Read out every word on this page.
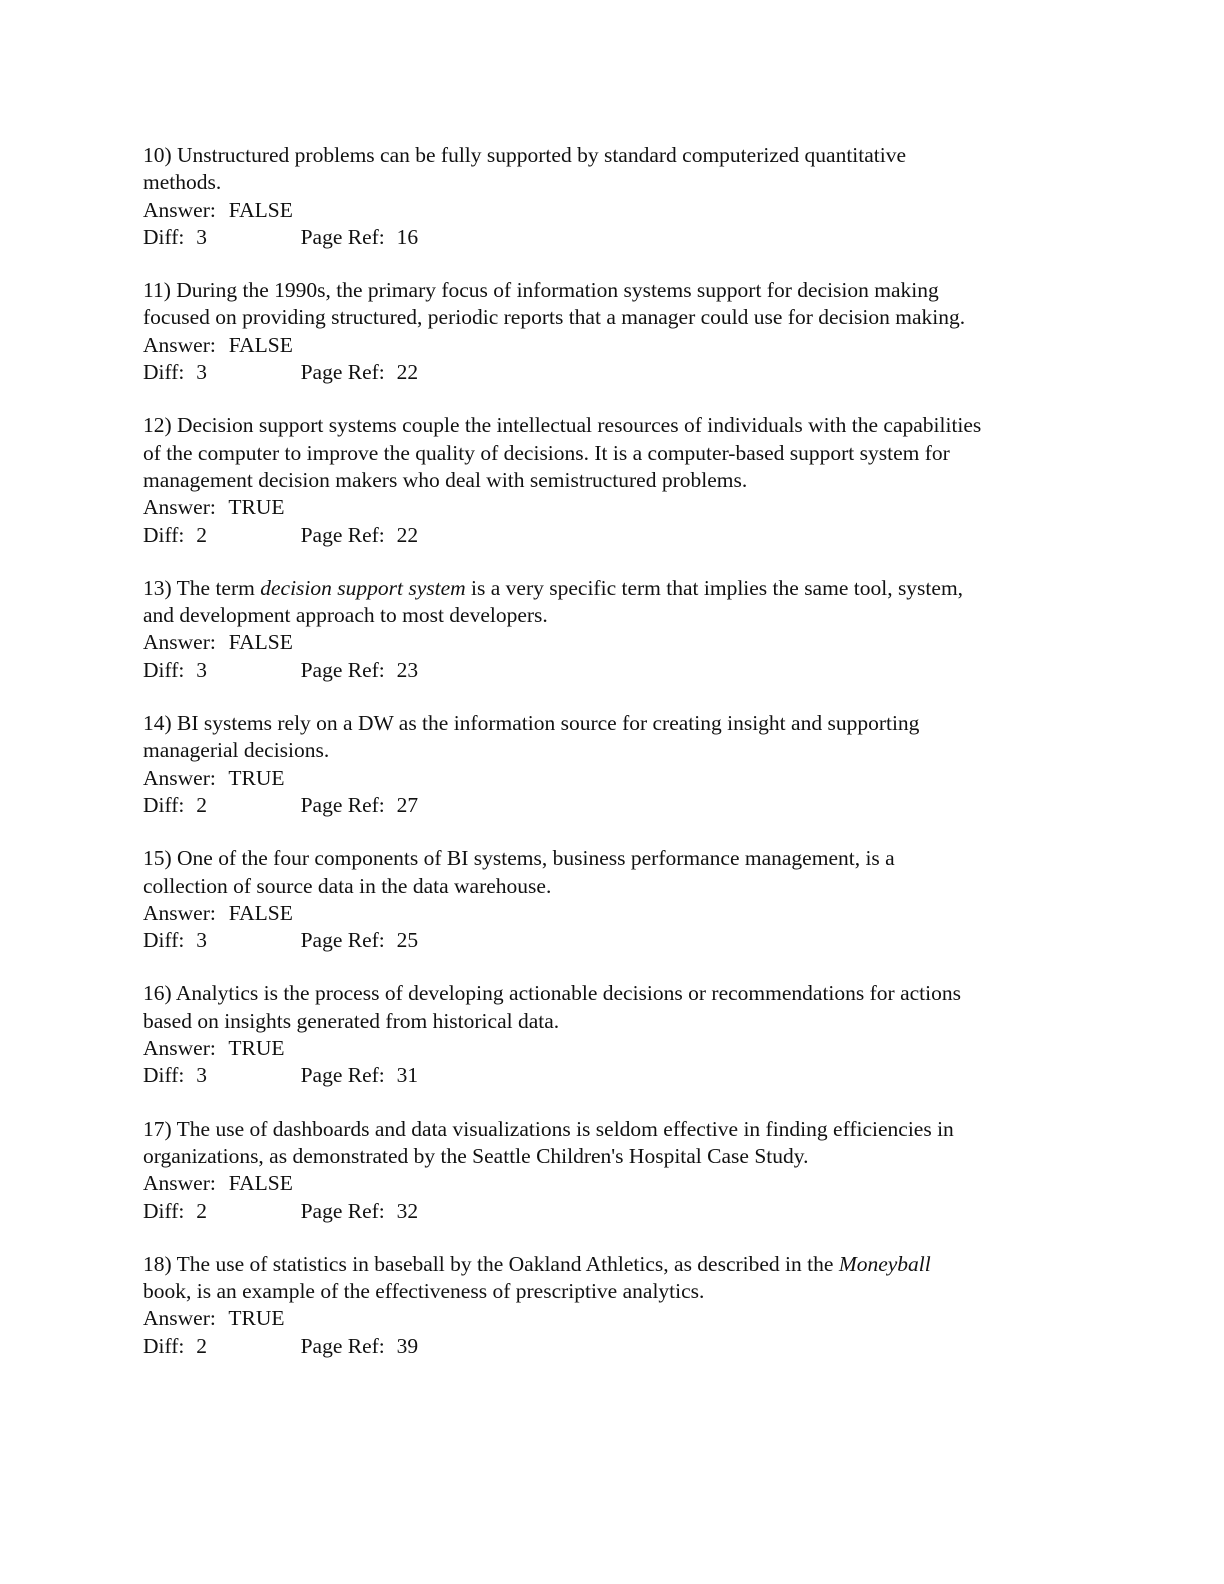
10) Unstructured problems can be fully supported by standard computerized quantitative
methods.
Answer: FALSE
Diff: 3	Page Ref: 16
11) During the 1990s, the primary focus of information systems support for decision making
focused on providing structured, periodic reports that a manager could use for decision making.
Answer: FALSE
Diff: 3	Page Ref: 22
12) Decision support systems couple the intellectual resources of individuals with the capabilities
of the computer to improve the quality of decisions. It is a computer-based support system for
management decision makers who deal with semistructured problems.
Answer: TRUE
Diff: 2	Page Ref: 22
13) The term decision support system is a very specific term that implies the same tool, system,
and development approach to most developers.
Answer: FALSE
Diff: 3	Page Ref: 23
14) BI systems rely on a DW as the information source for creating insight and supporting
managerial decisions.
Answer: TRUE
Diff: 2	Page Ref: 27
15) One of the four components of BI systems, business performance management, is a
collection of source data in the data warehouse.
Answer: FALSE
Diff: 3	Page Ref: 25
16) Analytics is the process of developing actionable decisions or recommendations for actions
based on insights generated from historical data.
Answer: TRUE
Diff: 3	Page Ref: 31
17) The use of dashboards and data visualizations is seldom effective in finding efficiencies in
organizations, as demonstrated by the Seattle Children's Hospital Case Study.
Answer: FALSE
Diff: 2	Page Ref: 32
18) The use of statistics in baseball by the Oakland Athletics, as described in the Moneyball
book, is an example of the effectiveness of prescriptive analytics.
Answer: TRUE
Diff: 2	Page Ref: 39
